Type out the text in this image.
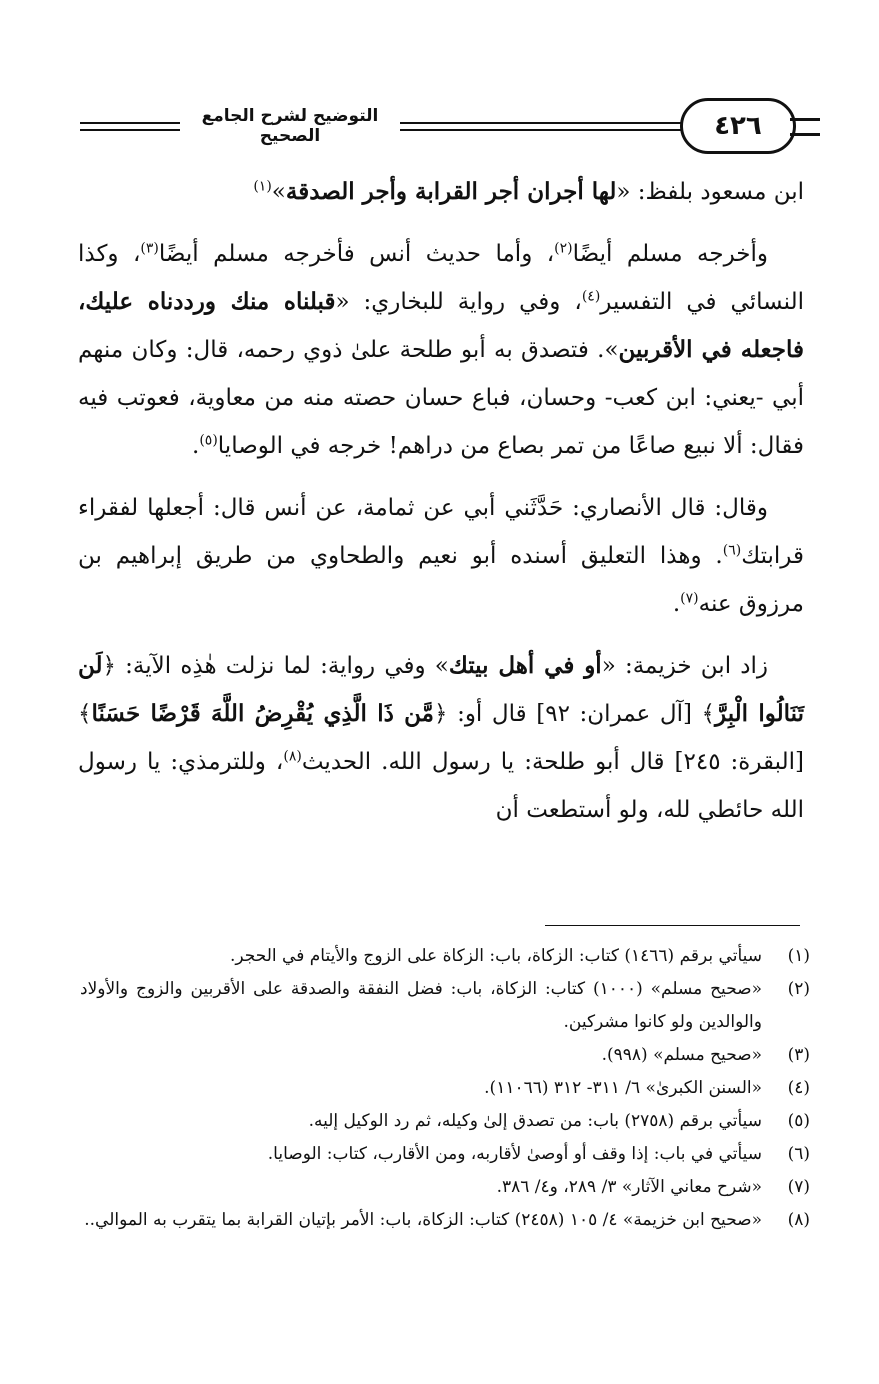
التوضيح لشرح الجامع الصحيح	٤٢٦

ابن مسعود بلفظ: «لها أجران أجر القرابة وأجر الصدقة»$^{(١)}$

وأخرجه مسلم أيضًا$^{(٢)}$، وأما حديث أنس فأخرجه مسلم أيضًا$^{(٣)}$، وكذا النسائي في التفسير$^{(٤)}$، وفي رواية للبخاري: «قبلناه منك ورددناه عليك، فاجعله في الأقربين». فتصدق به أبو طلحة علىٰ ذوي رحمه، قال: وكان منهم أبي -يعني: ابن كعب- وحسان، فباع حسان حصته منه من معاوية، فعوتب فيه فقال: ألا نبيع صاعًا من تمر بصاع من دراهم! خرجه في الوصايا$^{(٥)}$.

وقال: قال الأنصاري: حَدَّثَني أبي عن ثمامة، عن أنس قال: أجعلها لفقراء قرابتك$^{(٦)}$. وهذا التعليق أسنده أبو نعيم والطحاوي من طريق إبراهيم بن مرزوق عنه$^{(٧)}$.

زاد ابن خزيمة: «أو في أهل بيتك» وفي رواية: لما نزلت هٰذِه الآية: ﴿لَن تَنَالُوا الْبِرَّ﴾ [آل عمران: ٩٢] قال أو: ﴿مَّن ذَا الَّذِي يُقْرِضُ اللَّهَ قَرْضًا حَسَنًا﴾ [البقرة: ٢٤٥] قال أبو طلحة: يا رسول الله. الحديث$^{(٨)}$، وللترمذي: يا رسول الله حائطي لله، ولو أستطعت أن

(١)
سيأتي برقم (١٤٦٦) كتاب: الزكاة، باب: الزكاة على الزوج والأيتام في الحجر.
(٢)
«صحيح مسلم» (١٠٠٠) كتاب: الزكاة، باب: فضل النفقة والصدقة على الأقربين والزوج والأولاد والوالدين ولو كانوا مشركين.
(٣)
«صحيح مسلم» (٩٩٨).
(٤)
«السنن الكبرىٰ» ٦/ ٣١١- ٣١٢ (١١٠٦٦).
(٥)
سيأتي برقم (٢٧٥٨) باب: من تصدق إلىٰ وكيله، ثم رد الوكيل إليه.
(٦)
سيأتي في باب: إذا وقف أو أوصىٰ لأقاربه، ومن الأقارب، كتاب: الوصايا.
(٧)
«شرح معاني الآثار» ٣/ ٢٨٩، و٤/ ٣٨٦.
(٨)
«صحيح ابن خزيمة» ٤/ ١٠٥ (٢٤٥٨) كتاب: الزكاة، باب: الأمر بإتيان القرابة بما يتقرب به الموالي..
